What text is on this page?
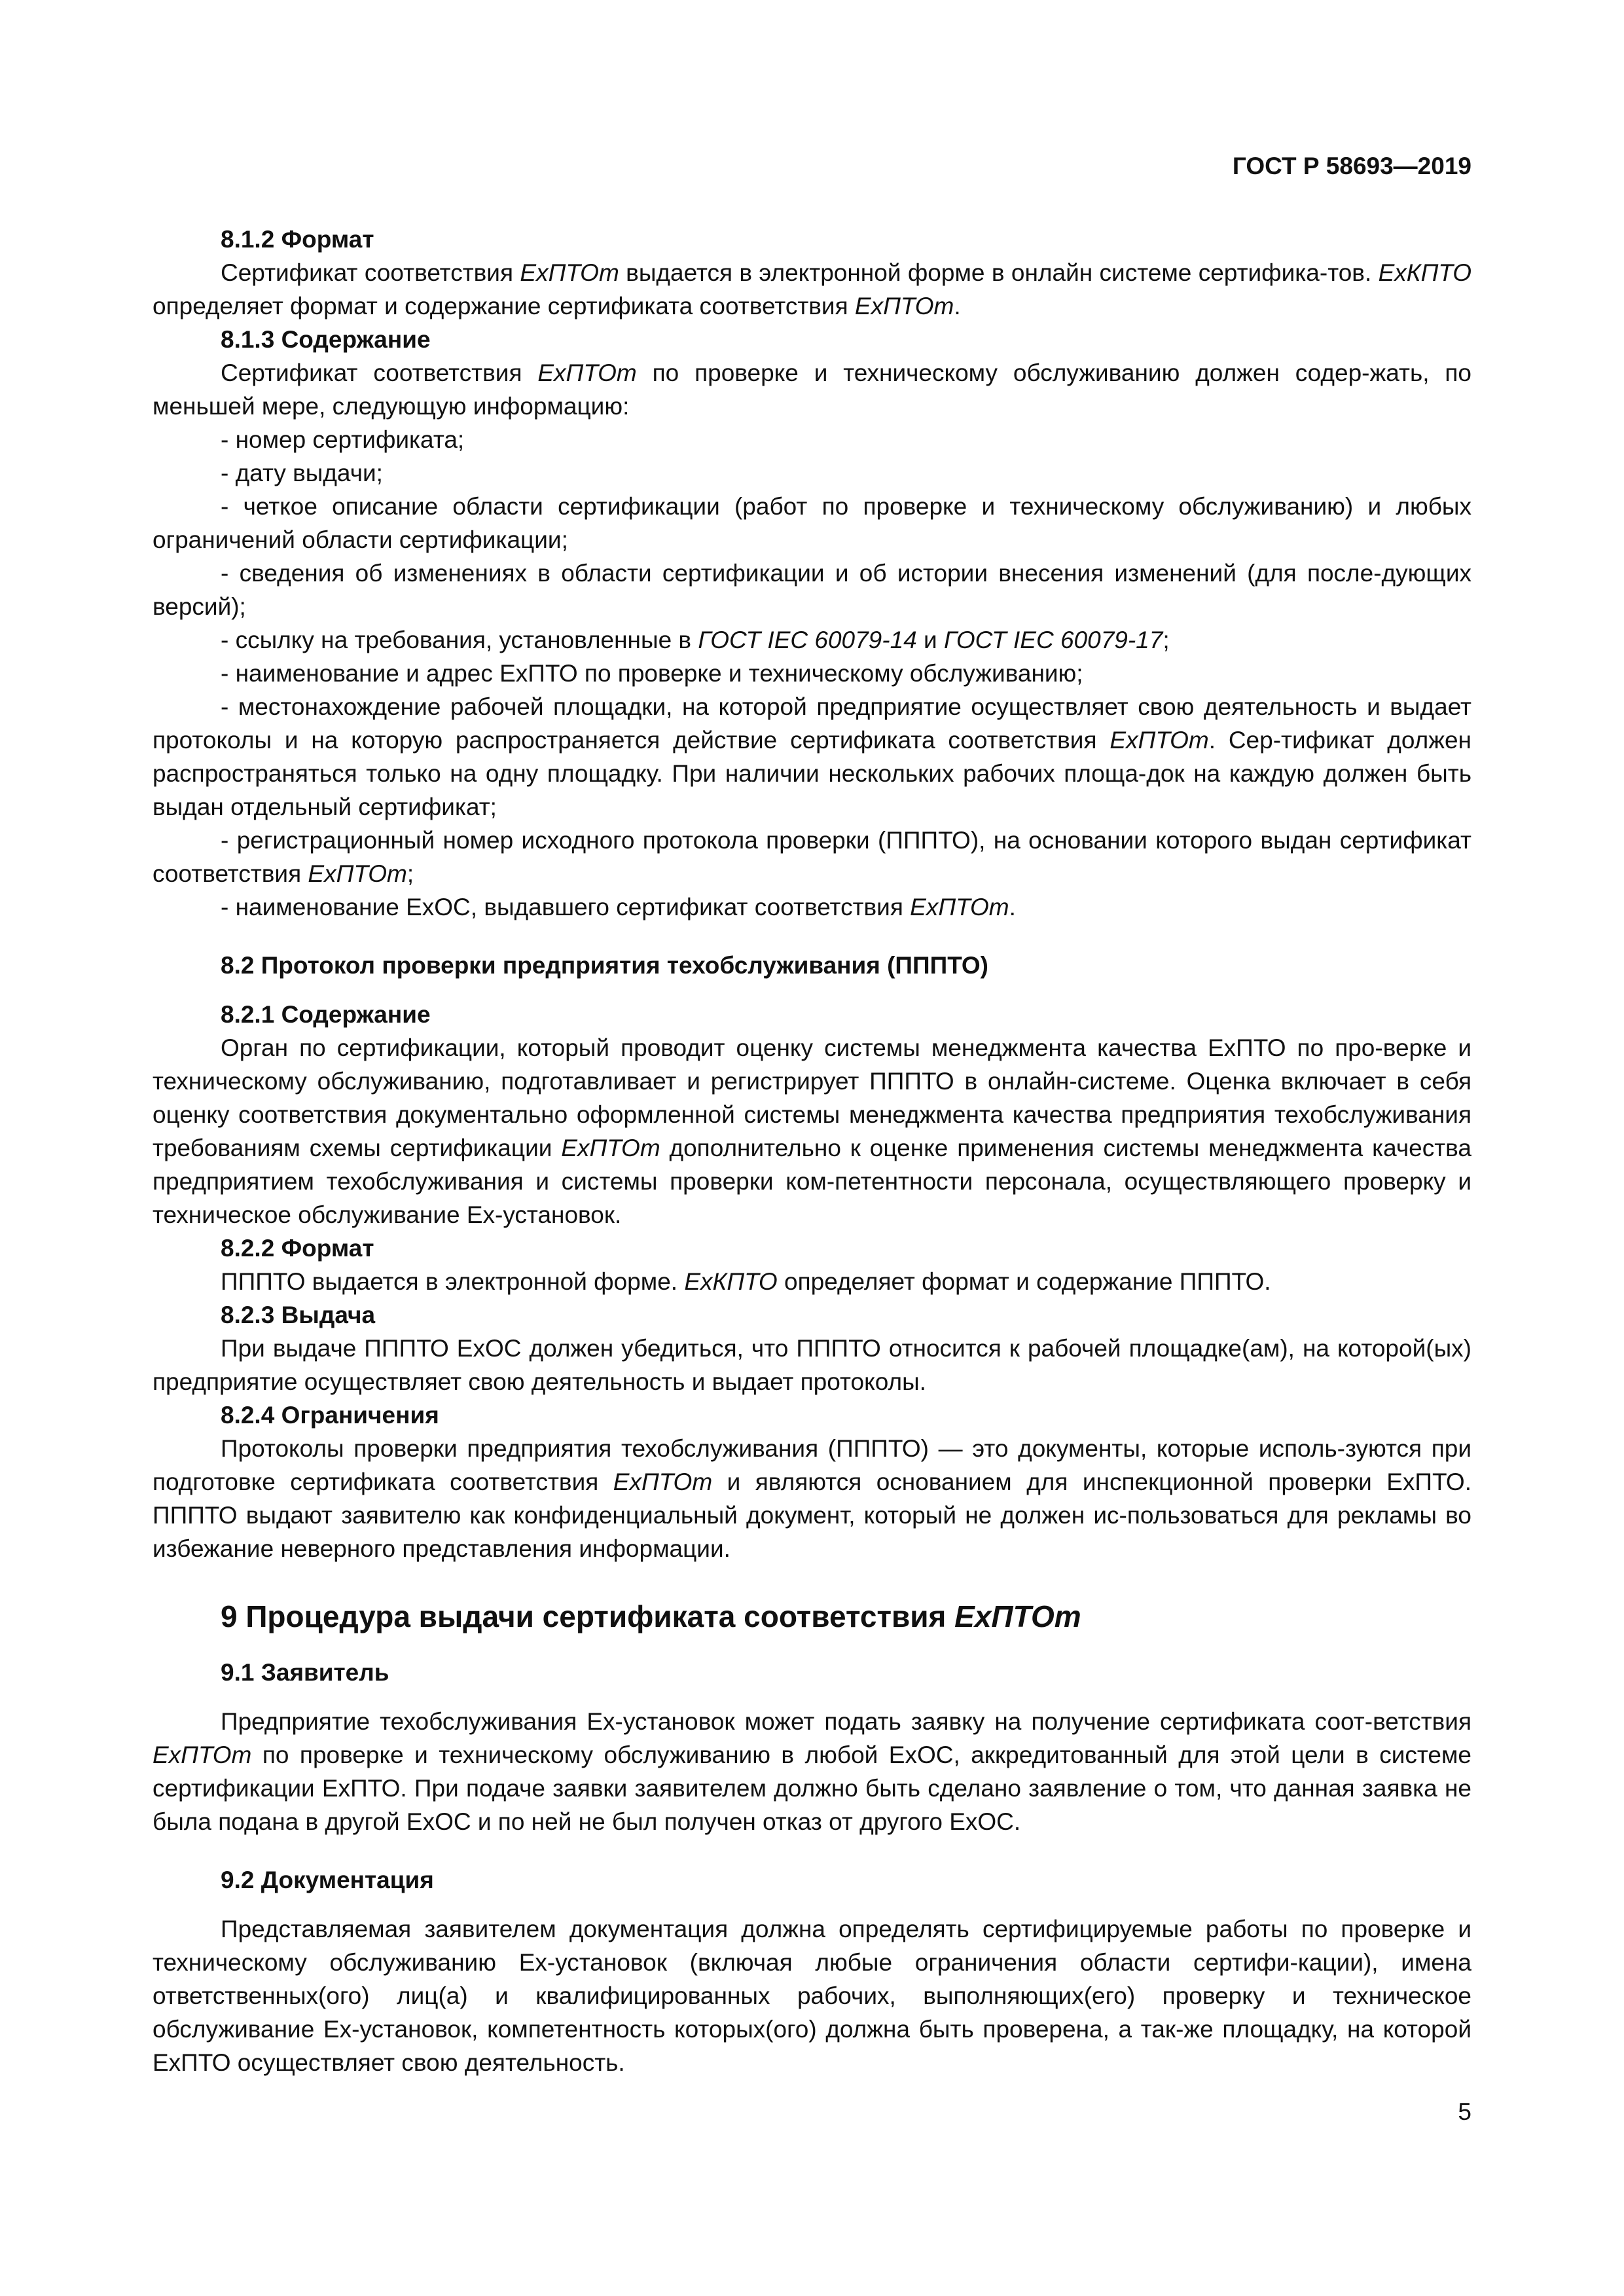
ГОСТ Р 58693—2019

8.1.2 Формат

Сертификат соответствия ExПТОт выдается в электронной форме в онлайн системе сертифика-тов. ExКПТО определяет формат и содержание сертификата соответствия ExПТОт.

8.1.3 Содержание

Сертификат соответствия ExПТОт по проверке и техническому обслуживанию должен содер-жать, по меньшей мере, следующую информацию:

- номер сертификата;

- дату выдачи;

- четкое описание области сертификации (работ по проверке и техническому обслуживанию) и любых ограничений области сертификации;

- сведения об изменениях в области сертификации и об истории внесения изменений (для после-дующих версий);

- ссылку на требования, установленные в ГОСТ IEC 60079-14 и ГОСТ IEC 60079-17;

- наименование и адрес ExПТО по проверке и техническому обслуживанию;

- местонахождение рабочей площадки, на которой предприятие осуществляет свою деятельность и выдает протоколы и на которую распространяется действие сертификата соответствия ExПТОт. Сер-тификат должен распространяться только на одну площадку. При наличии нескольких рабочих площа-док на каждую должен быть выдан отдельный сертификат;

- регистрационный номер исходного протокола проверки (ПППТО), на основании которого выдан сертификат соответствия ExПТОт;

- наименование ExОС, выдавшего сертификат соответствия ExПТОт.

8.2 Протокол проверки предприятия техобслуживания (ПППТО)

8.2.1 Содержание

Орган по сертификации, который проводит оценку системы менеджмента качества ExПТО по про-верке и техническому обслуживанию, подготавливает и регистрирует ПППТО в онлайн-системе. Оценка включает в себя оценку соответствия документально оформленной системы менеджмента качества предприятия техобслуживания требованиям схемы сертификации ExПТОт дополнительно к оценке применения системы менеджмента качества предприятием техобслуживания и системы проверки ком-петентности персонала, осуществляющего проверку и техническое обслуживание Ex-установок.

8.2.2 Формат

ПППТО выдается в электронной форме. ExКПТО определяет формат и содержание ПППТО.

8.2.3 Выдача

При выдаче ПППТО ExОС должен убедиться, что ПППТО относится к рабочей площадке(ам), на которой(ых) предприятие осуществляет свою деятельность и выдает протоколы.

8.2.4 Ограничения

Протоколы проверки предприятия техобслуживания (ПППТО) — это документы, которые исполь-зуются при подготовке сертификата соответствия ExПТОт и являются основанием для инспекционной проверки ExПТО. ПППТО выдают заявителю как конфиденциальный документ, который не должен ис-пользоваться для рекламы во избежание неверного представления информации.

9 Процедура выдачи сертификата соответствия ExПТОт

9.1 Заявитель

Предприятие техобслуживания Ex-установок может подать заявку на получение сертификата соот-ветствия ExПТОт по проверке и техническому обслуживанию в любой ExОС, аккредитованный для этой цели в системе сертификации ExПТО. При подаче заявки заявителем должно быть сделано заявление о том, что данная заявка не была подана в другой ExОС и по ней не был получен отказ от другого ExОС.

9.2 Документация

Представляемая заявителем документация должна определять сертифицируемые работы по проверке и техническому обслуживанию Ex-установок (включая любые ограничения области сертифи-кации), имена ответственных(ого) лиц(а) и квалифицированных рабочих, выполняющих(его) проверку и техническое обслуживание Ex-установок, компетентность которых(ого) должна быть проверена, а так-же площадку, на которой ExПТО осуществляет свою деятельность.

5
